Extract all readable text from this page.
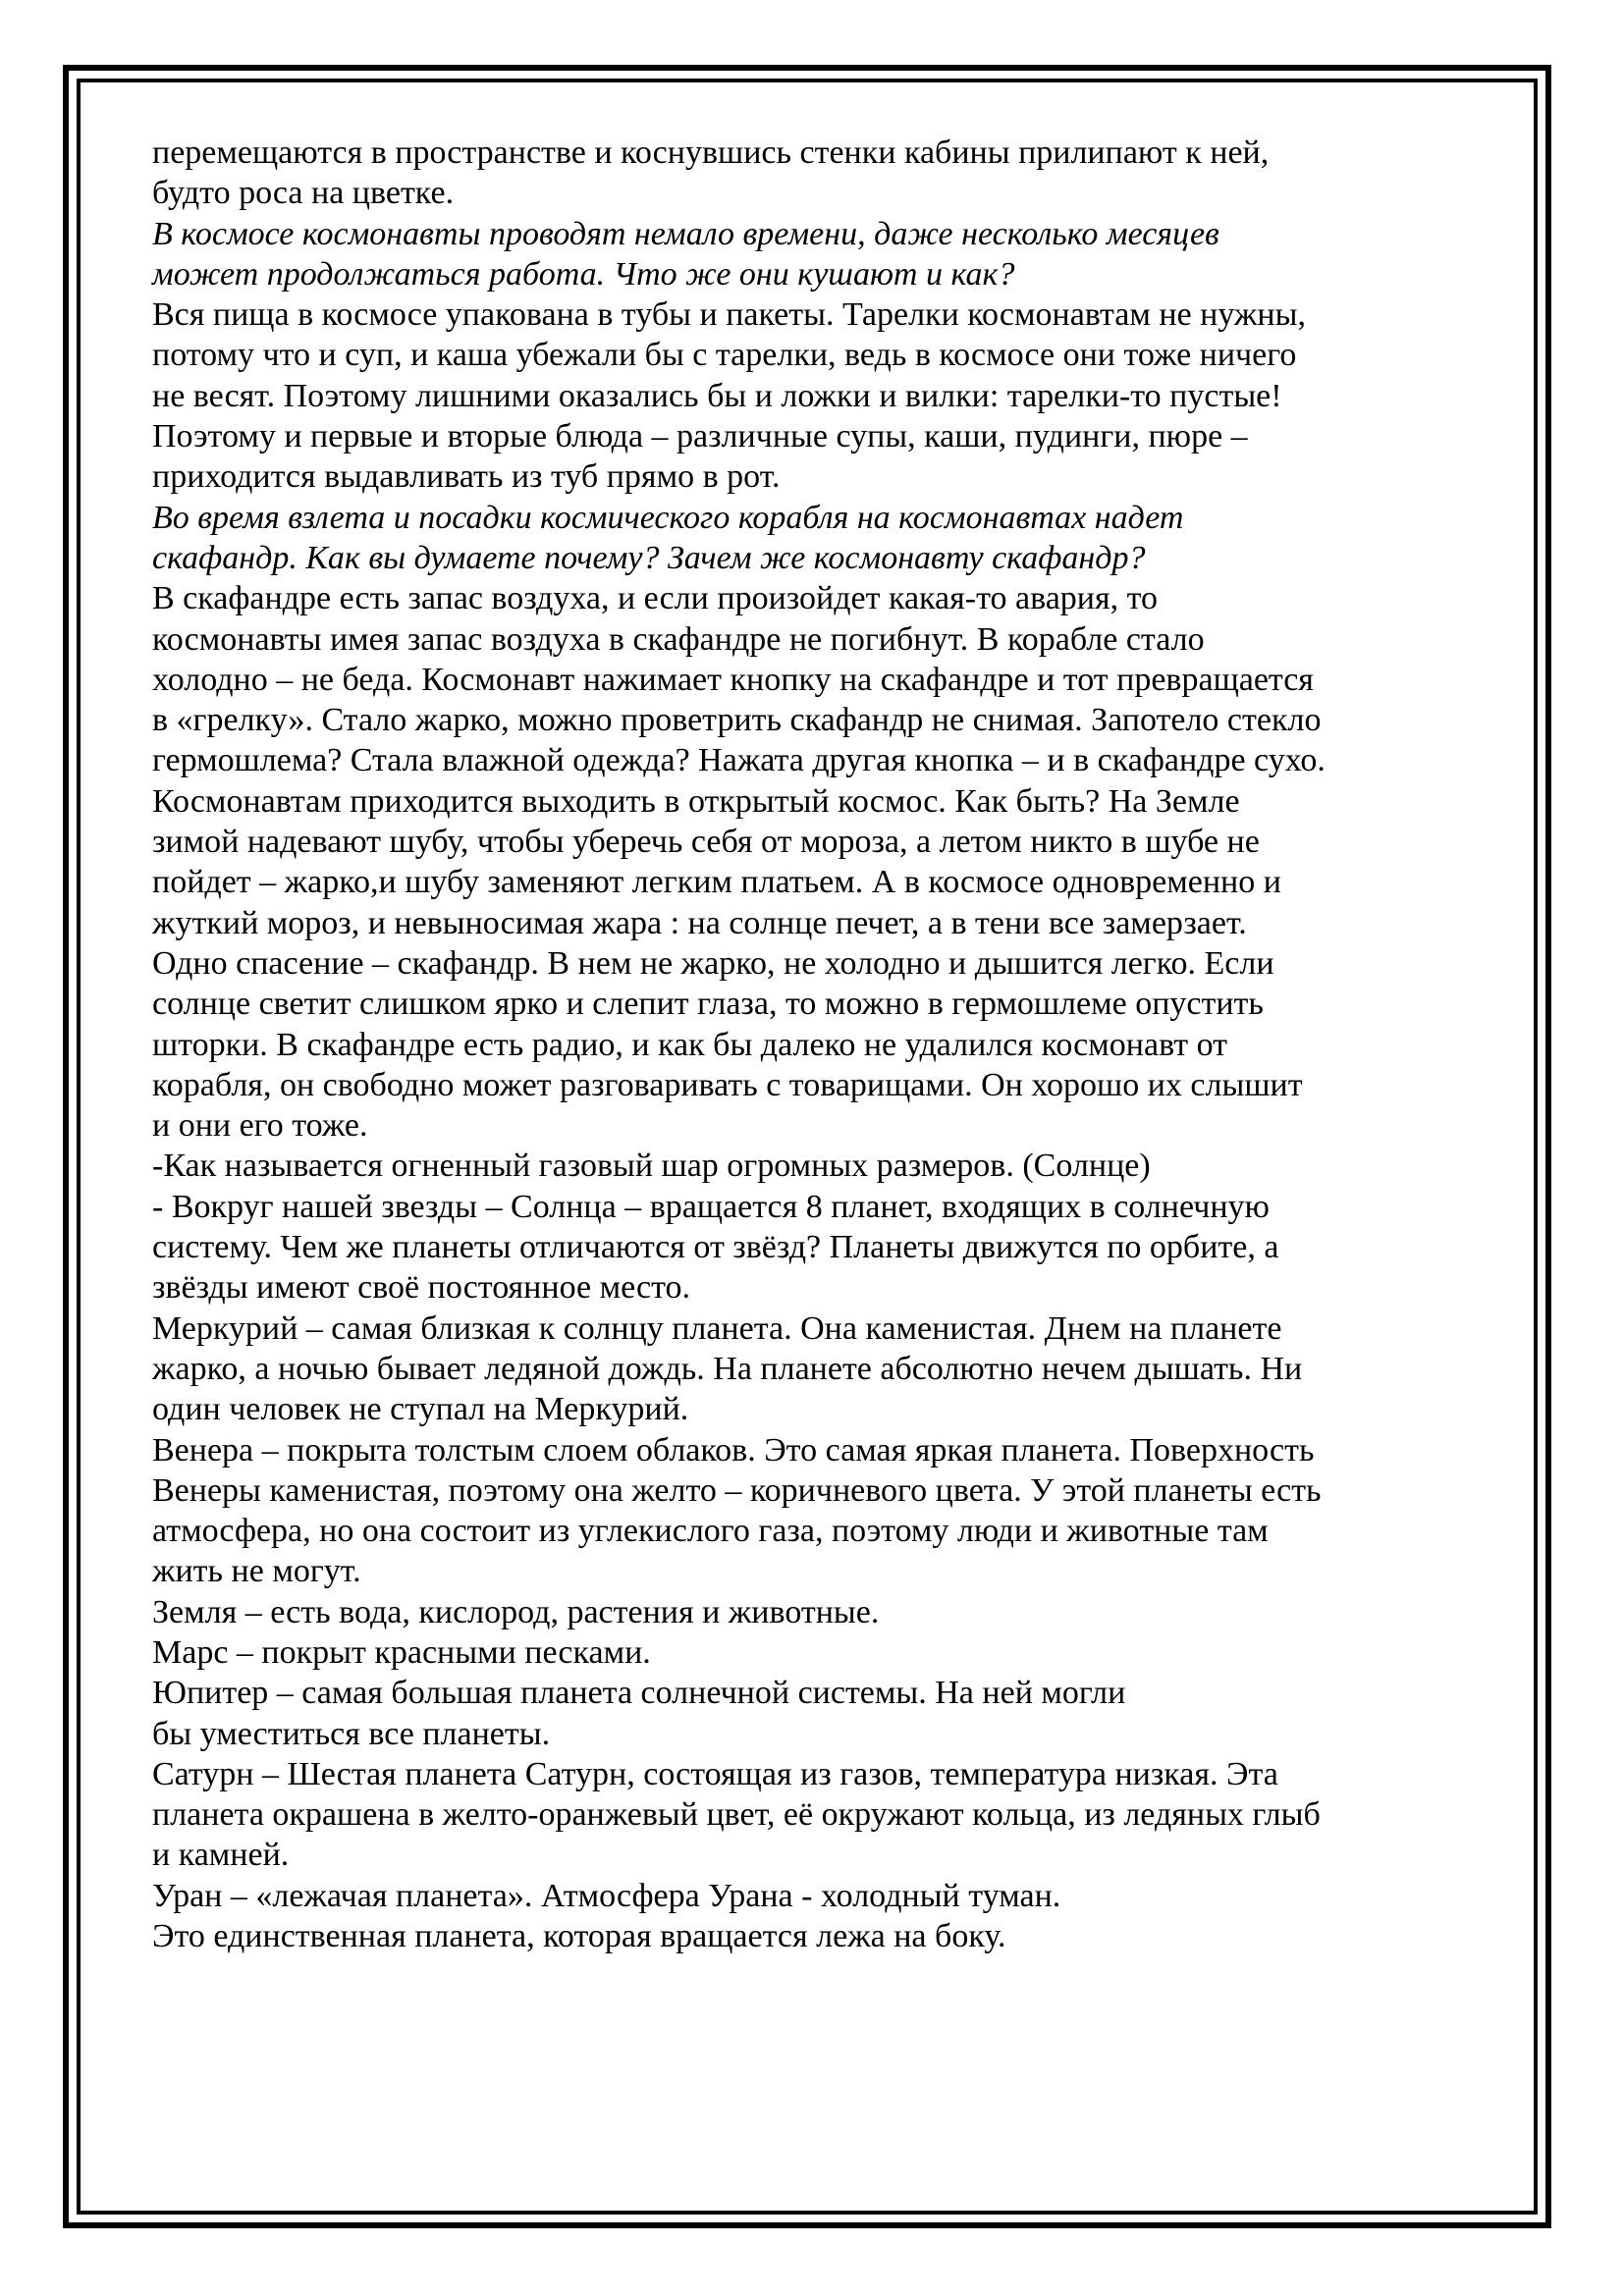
перемещаются в пространстве и коснувшись стенки кабины прилипают к ней,
будто роса на цветке.
В космосе космонавты проводят немало времени, даже несколько месяцев
может продолжаться работа. Что же они кушают и как?
Вся пища в космосе упакована в тубы и пакеты. Тарелки космонавтам не нужны,
потому что и суп, и каша убежали бы с тарелки, ведь в космосе они тоже ничего
не весят. Поэтому лишними оказались бы и ложки и вилки: тарелки-то пустые!
Поэтому и первые и вторые блюда – различные супы, каши, пудинги, пюре –
приходится выдавливать из туб прямо в рот.
Во время взлета и посадки космического корабля на космонавтах надет
скафандр. Как вы думаете почему? Зачем же космонавту скафандр?
В скафандре есть запас воздуха, и если произойдет какая-то авария, то
космонавты имея запас воздуха в скафандре не погибнут. В корабле стало
холодно – не беда. Космонавт нажимает кнопку на скафандре и тот превращается
в «грелку». Стало жарко, можно проветрить скафандр не снимая. Запотело стекло
гермошлема? Стала влажной одежда? Нажата другая кнопка – и в скафандре сухо.
Космонавтам приходится выходить в открытый космос. Как быть? На Земле
зимой надевают шубу, чтобы уберечь себя от мороза, а летом никто в шубе не
пойдет – жарко,и шубу заменяют легким платьем. А в космосе одновременно и
жуткий мороз, и невыносимая жара : на солнце печет, а в тени все замерзает.
Одно спасение – скафандр. В нем не жарко, не холодно и дышится легко. Если
солнце светит слишком ярко и слепит глаза, то можно в гермошлеме опустить
шторки. В скафандре есть радио, и как бы далеко не удалился космонавт от
корабля, он свободно может разговаривать с товарищами. Он хорошо их слышит
и они его тоже.
-Как называется огненный газовый шар огромных размеров. (Солнце)
- Вокруг нашей звезды – Солнца – вращается 8 планет, входящих в солнечную
систему. Чем же планеты отличаются от звёзд? Планеты движутся по орбите, а
звёзды имеют своё постоянное место.
Меркурий – самая близкая к солнцу планета. Она каменистая. Днем на планете
жарко, а ночью бывает ледяной дождь. На планете абсолютно нечем дышать. Ни
один человек не ступал на Меркурий.
Венера – покрыта толстым слоем облаков. Это самая яркая планета. Поверхность
Венеры каменистая, поэтому она желто – коричневого цвета. У этой планеты есть
атмосфера, но она состоит из углекислого газа, поэтому люди и животные там
жить не могут.
Земля – есть вода, кислород, растения и животные.
Марс – покрыт красными песками.
Юпитер – самая большая планета солнечной системы. На ней могли
бы уместиться все планеты.
Сатурн – Шестая планета Сатурн, состоящая из газов, температура низкая. Эта
планета окрашена в желто-оранжевый цвет, её окружают кольца, из ледяных глыб
и камней.
Уран – «лежачая планета». Атмосфера Урана - холодный туман.
Это единственная планета, которая вращается лежа на боку.
